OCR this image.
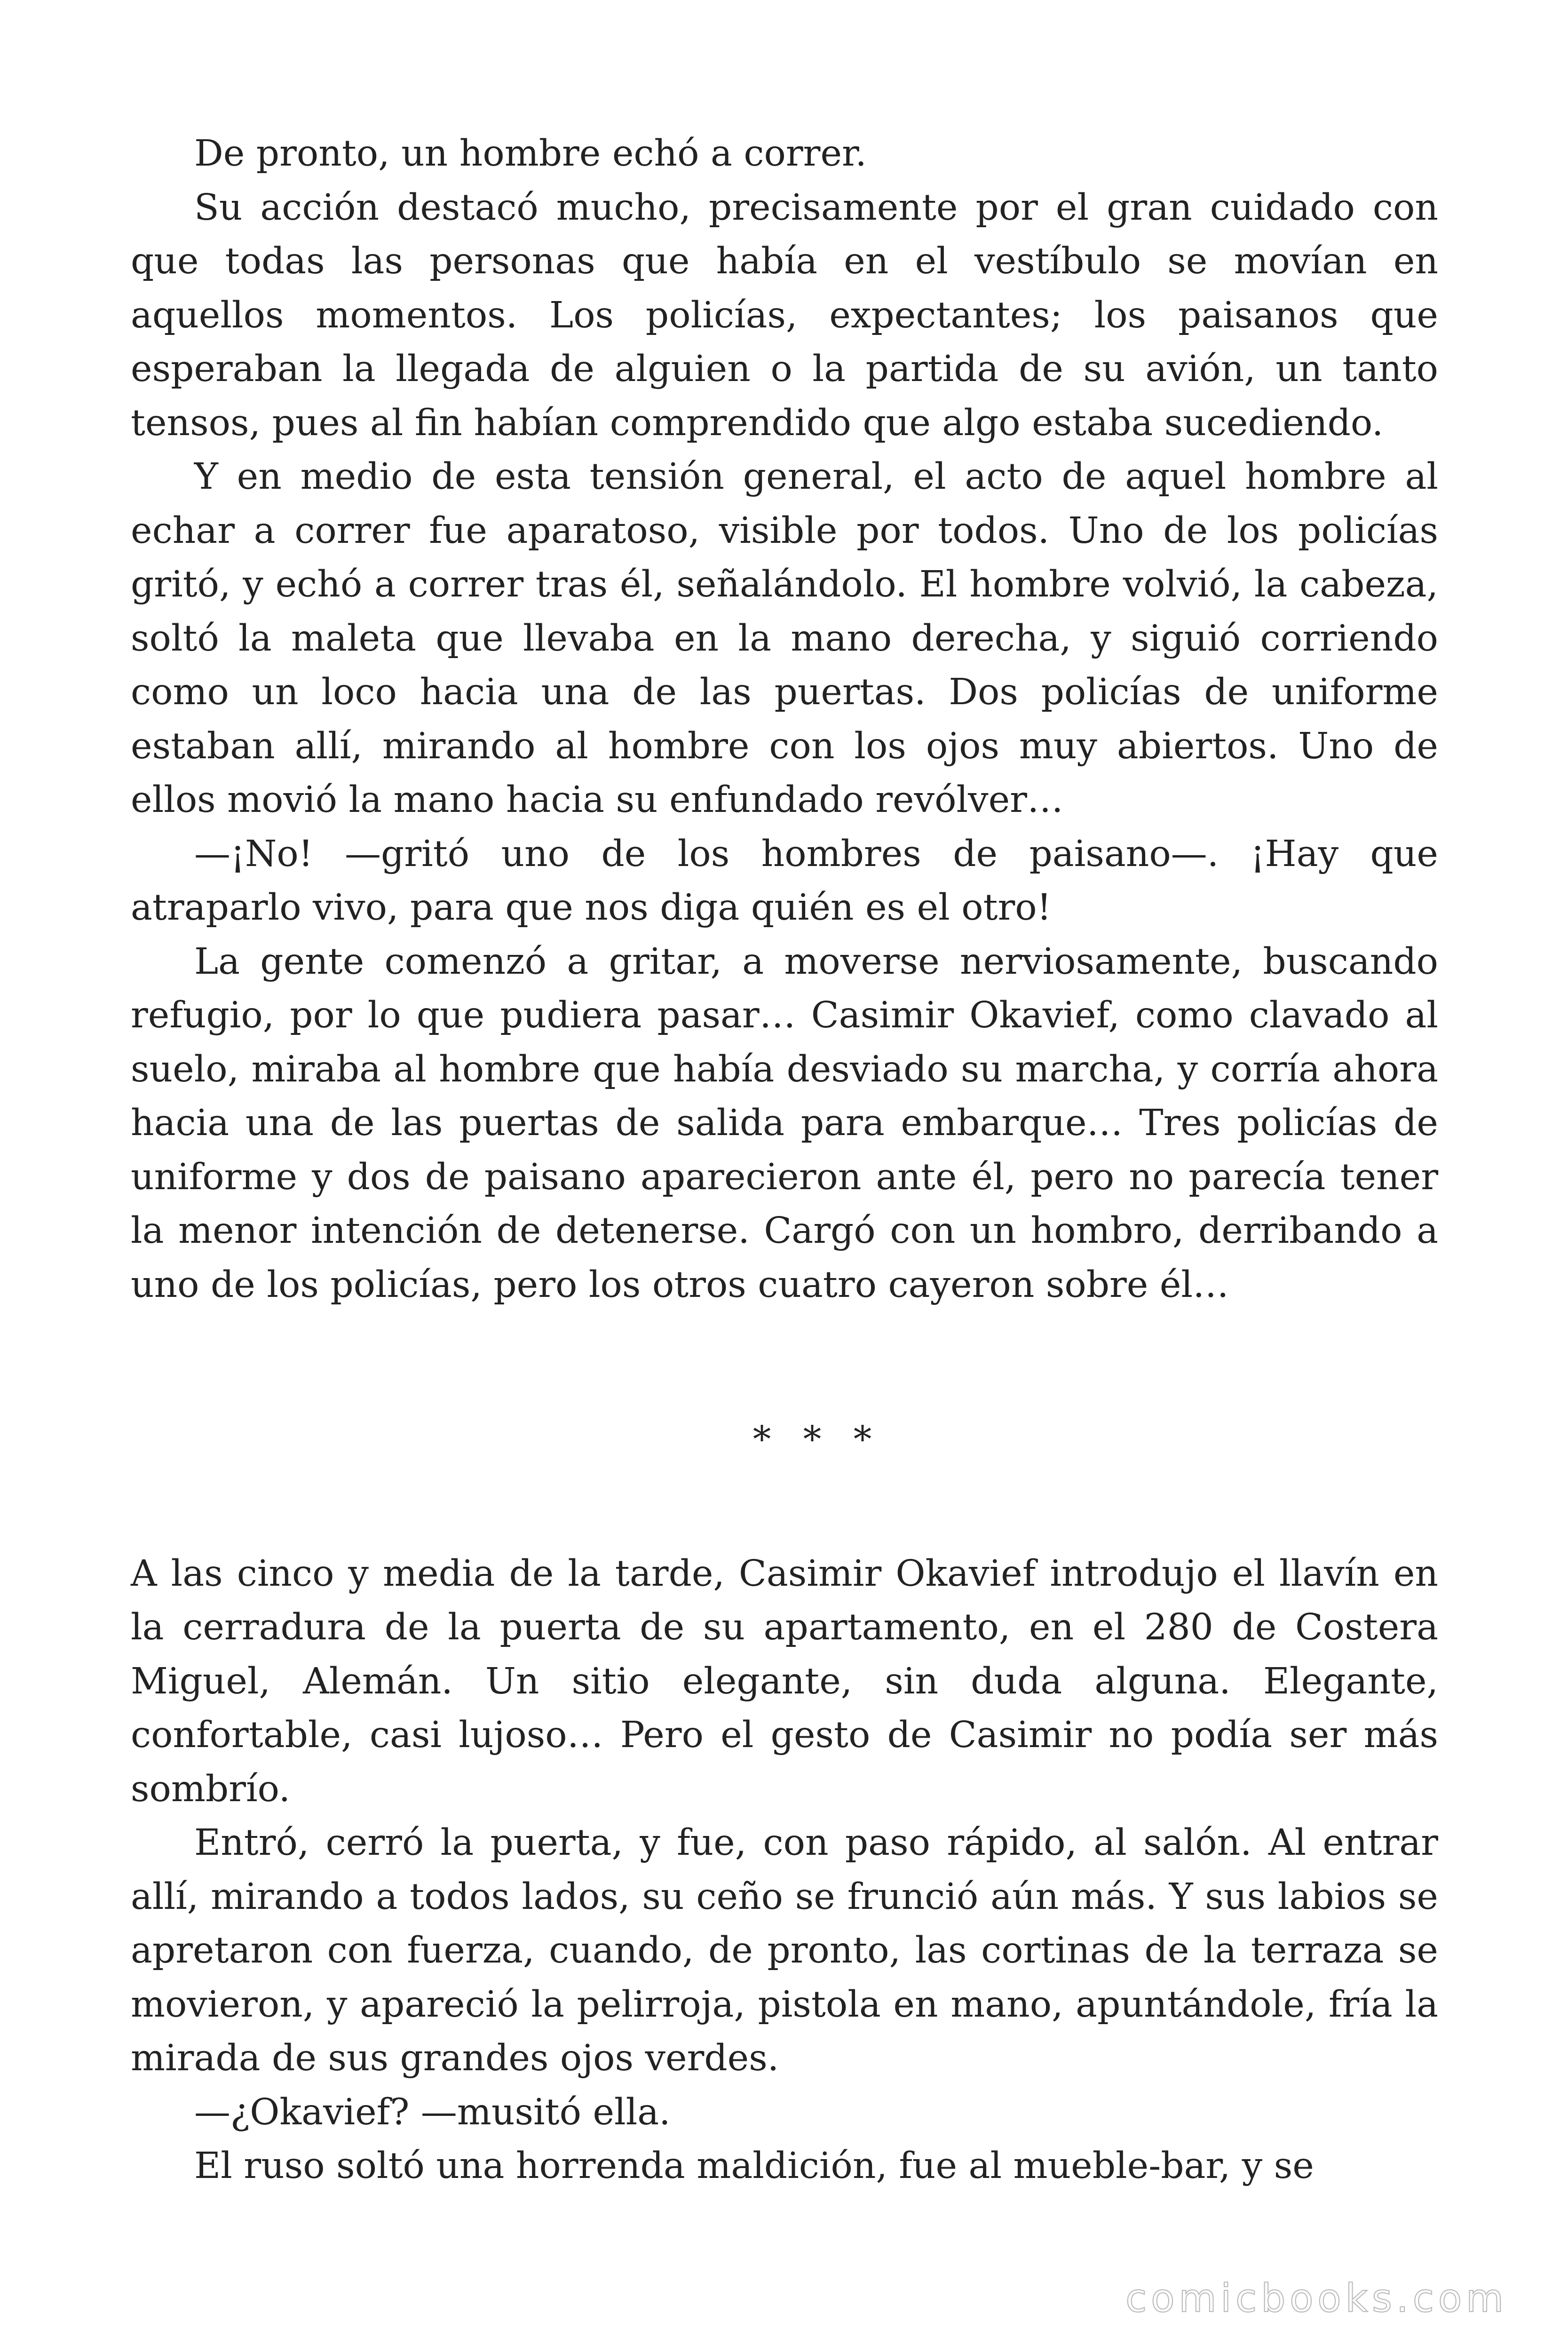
De pronto, un hombre echó a correr.

Su acción destacó mucho, precisamente por el gran cuidado con que todas las personas que había en el vestíbulo se movían en aquellos momentos. Los policías, expectantes; los paisanos que esperaban la llegada de alguien o la partida de su avión, un tanto tensos, pues al fin habían comprendido que algo estaba sucediendo.

Y en medio de esta tensión general, el acto de aquel hombre al echar a correr fue aparatoso, visible por todos. Uno de los policías gritó, y echó a correr tras él, señalándolo. El hombre volvió, la cabeza, soltó la maleta que llevaba en la mano derecha, y siguió corriendo como un loco hacia una de las puertas. Dos policías de uniforme estaban allí, mirando al hombre con los ojos muy abiertos. Uno de ellos movió la mano hacia su enfundado revólver…

—¡No! —gritó uno de los hombres de paisano—. ¡Hay que atraparlo vivo, para que nos diga quién es el otro!

La gente comenzó a gritar, a moverse nerviosamente, buscando refugio, por lo que pudiera pasar… Casimir Okavief, como clavado al suelo, miraba al hombre que había desviado su marcha, y corría ahora hacia una de las puertas de salida para embarque… Tres policías de uniforme y dos de paisano aparecieron ante él, pero no parecía tener la menor intención de detenerse. Cargó con un hombro, derribando a uno de los policías, pero los otros cuatro cayeron sobre él…

* * *

A las cinco y media de la tarde, Casimir Okavief introdujo el llavín en la cerradura de la puerta de su apartamento, en el 280 de Costera Miguel, Alemán. Un sitio elegante, sin duda alguna. Elegante, confortable, casi lujoso… Pero el gesto de Casimir no podía ser más sombrío.

Entró, cerró la puerta, y fue, con paso rápido, al salón. Al entrar allí, mirando a todos lados, su ceño se frunció aún más. Y sus labios se apretaron con fuerza, cuando, de pronto, las cortinas de la terraza se movieron, y apareció la pelirroja, pistola en mano, apuntándole, fría la mirada de sus grandes ojos verdes.

—¿Okavief? —musitó ella.

El ruso soltó una horrenda maldición, fue al mueble-bar, y se

comicbooks.com
